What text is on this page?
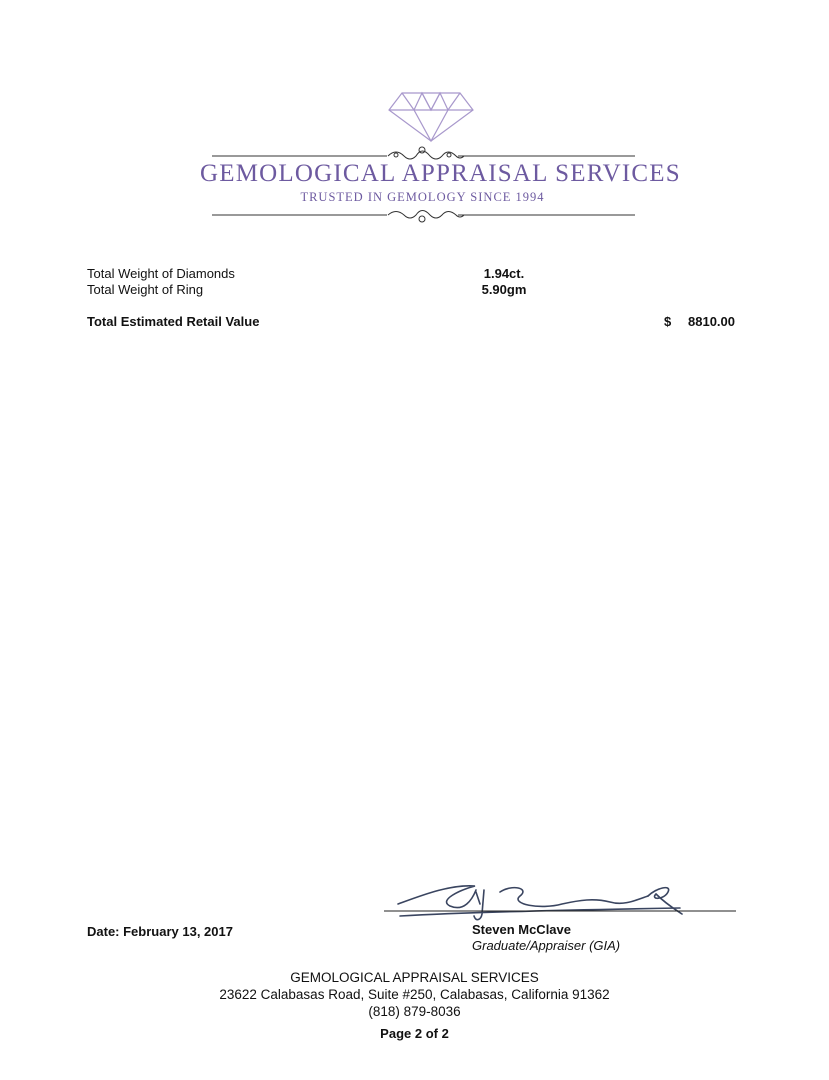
GEMOLOGICAL APPRAISAL SERVICES
TRUSTED IN GEMOLOGY SINCE 1994
Total Weight of Diamonds	1.94ct.
Total Weight of Ring	5.90gm
Total Estimated Retail Value	$ 8810.00
Date: February 13, 2017	Steven McClave
Graduate/Appraiser (GIA)
GEMOLOGICAL APPRAISAL SERVICES
23622 Calabasas Road, Suite #250, Calabasas, California 91362
(818) 879-8036
Page 2 of 2
